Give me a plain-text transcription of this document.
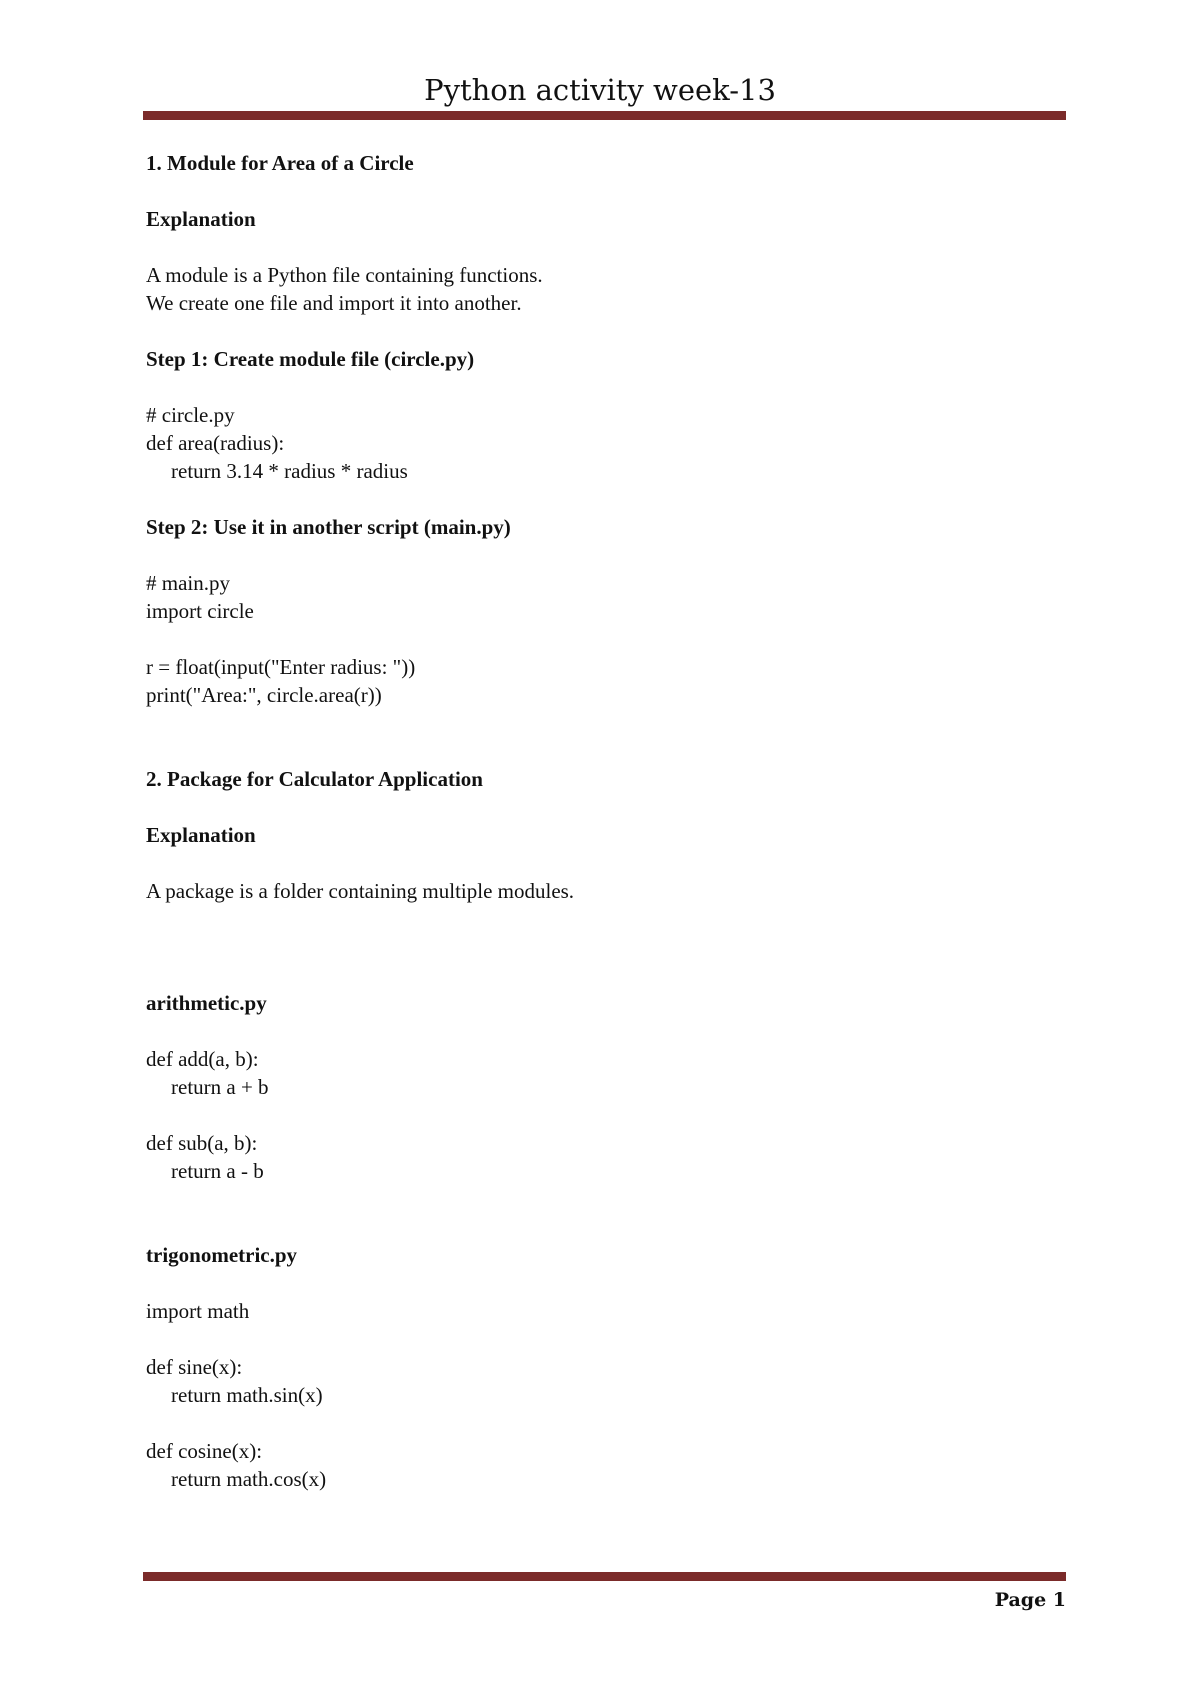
Python activity week-13
1. Module for Area of a Circle
Explanation
A module is a Python file containing functions.
We create one file and import it into another.
Step 1: Create module file (circle.py)
# circle.py
def area(radius):
return 3.14 * radius * radius
Step 2: Use it in another script (main.py)
# main.py
import circle
r = float(input("Enter radius: "))
print("Area:", circle.area(r))
2. Package for Calculator Application
Explanation
A package is a folder containing multiple modules.
arithmetic.py
def add(a, b):
return a + b
def sub(a, b):
return a - b
trigonometric.py
import math
def sine(x):
return math.sin(x)
def cosine(x):
return math.cos(x)
Page 1
